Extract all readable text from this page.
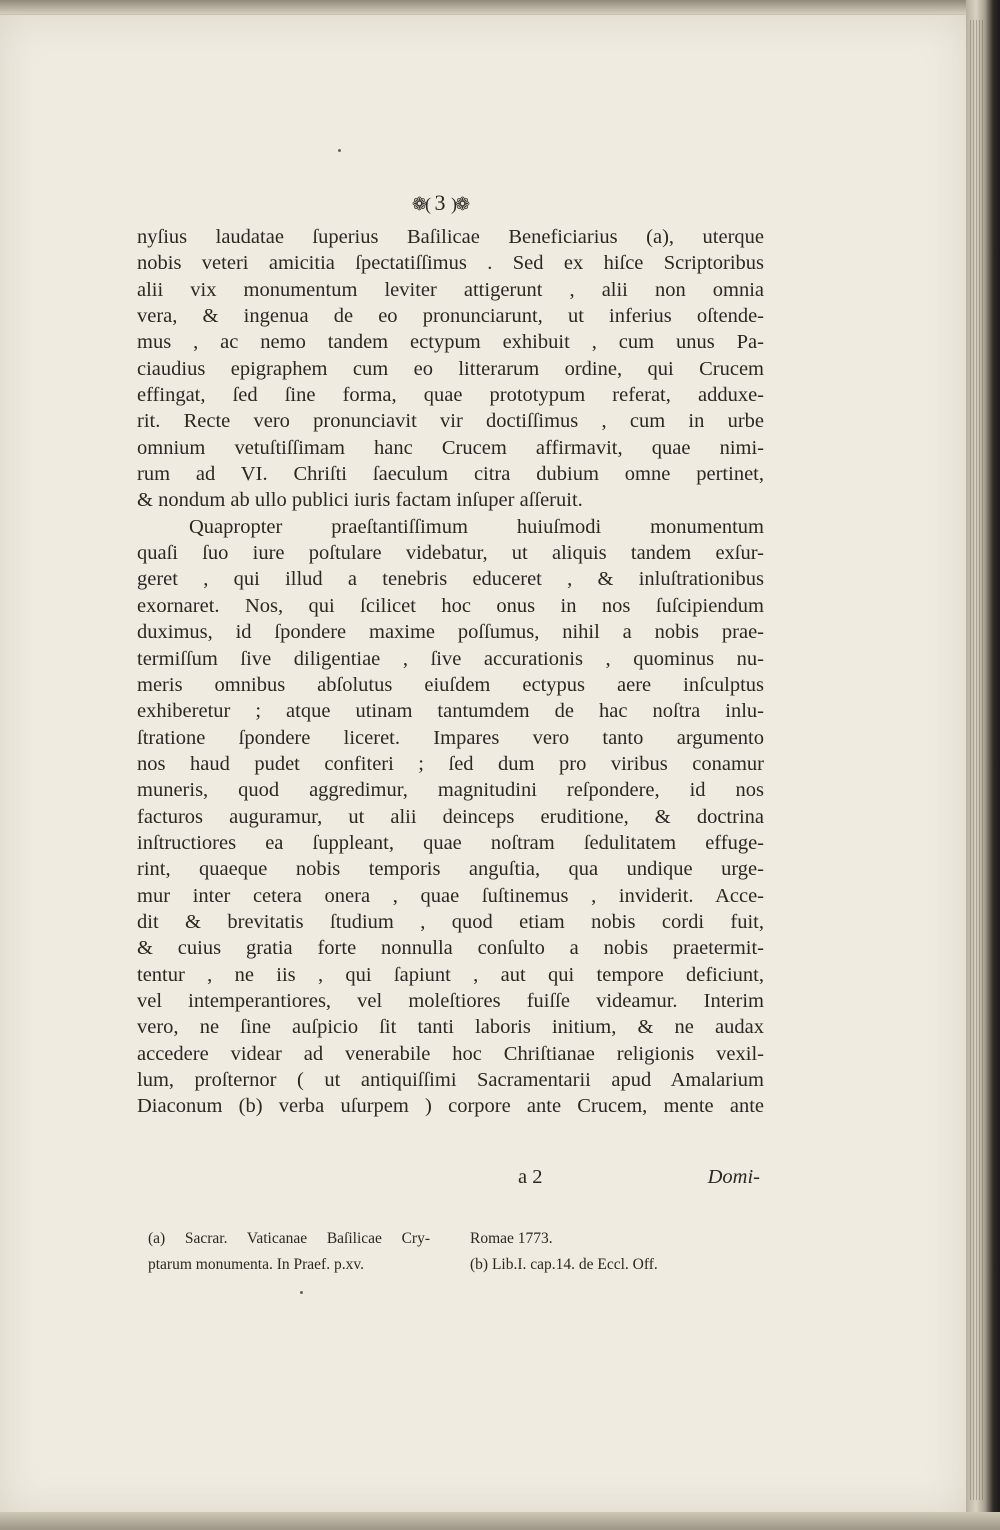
❁( 3 )❁
nyſius laudatae ſuperius Baſilicae Beneficiarius (a), uterque
nobis veteri amicitia ſpectatiſſimus . Sed ex hiſce Scriptoribus
alii vix monumentum leviter attigerunt , alii non omnia
vera, & ingenua de eo pronunciarunt, ut inferius oſtende-
mus , ac nemo tandem ectypum exhibuit , cum unus Pa-
ciaudius epigraphem cum eo litterarum ordine, qui Crucem
effingat, ſed ſine forma, quae prototypum referat, adduxe-
rit. Recte vero pronunciavit vir doctiſſimus , cum in urbe
omnium vetuſtiſſimam hanc Crucem affirmavit, quae nimi-
rum ad VI. Chriſti ſaeculum citra dubium omne pertinet,
& nondum ab ullo publici iuris factam inſuper aſſeruit.
Quapropter praeſtantiſſimum huiuſmodi monumentum
quaſi ſuo iure poſtulare videbatur, ut aliquis tandem exſur-
geret , qui illud a tenebris educeret , & inluſtrationibus
exornaret. Nos, qui ſcilicet hoc onus in nos ſuſcipiendum
duximus, id ſpondere maxime poſſumus, nihil a nobis prae-
termiſſum ſive diligentiae , ſive accurationis , quominus nu-
meris omnibus abſolutus eiuſdem ectypus aere inſculptus
exhiberetur ; atque utinam tantumdem de hac noſtra inlu-
ſtratione ſpondere liceret. Impares vero tanto argumento
nos haud pudet confiteri ; ſed dum pro viribus conamur
muneris, quod aggredimur, magnitudini reſpondere, id nos
facturos auguramur, ut alii deinceps eruditione, & doctrina
inſtructiores ea ſuppleant, quae noſtram ſedulitatem effuge-
rint, quaeque nobis temporis anguſtia, qua undique urge-
mur inter cetera onera , quae ſuſtinemus , inviderit. Acce-
dit & brevitatis ſtudium , quod etiam nobis cordi fuit,
& cuius gratia forte nonnulla conſulto a nobis praetermit-
tentur , ne iis , qui ſapiunt , aut qui tempore deficiunt,
vel intemperantiores, vel moleſtiores fuiſſe videamur. Interim
vero, ne ſine auſpicio ſit tanti laboris initium, & ne audax
accedere videar ad venerabile hoc Chriſtianae religionis vexil-
lum, proſternor ( ut antiquiſſimi Sacramentarii apud Amalarium
Diaconum (b) verba uſurpem ) corpore ante Crucem, mente ante
a 2	Domi-
(a) Sacrar. Vaticanae Baſilicae Cry-
ptarum monumenta. In Praef. p.xv.
Romae 1773.
(b) Lib.I. cap.14. de Eccl. Off.
